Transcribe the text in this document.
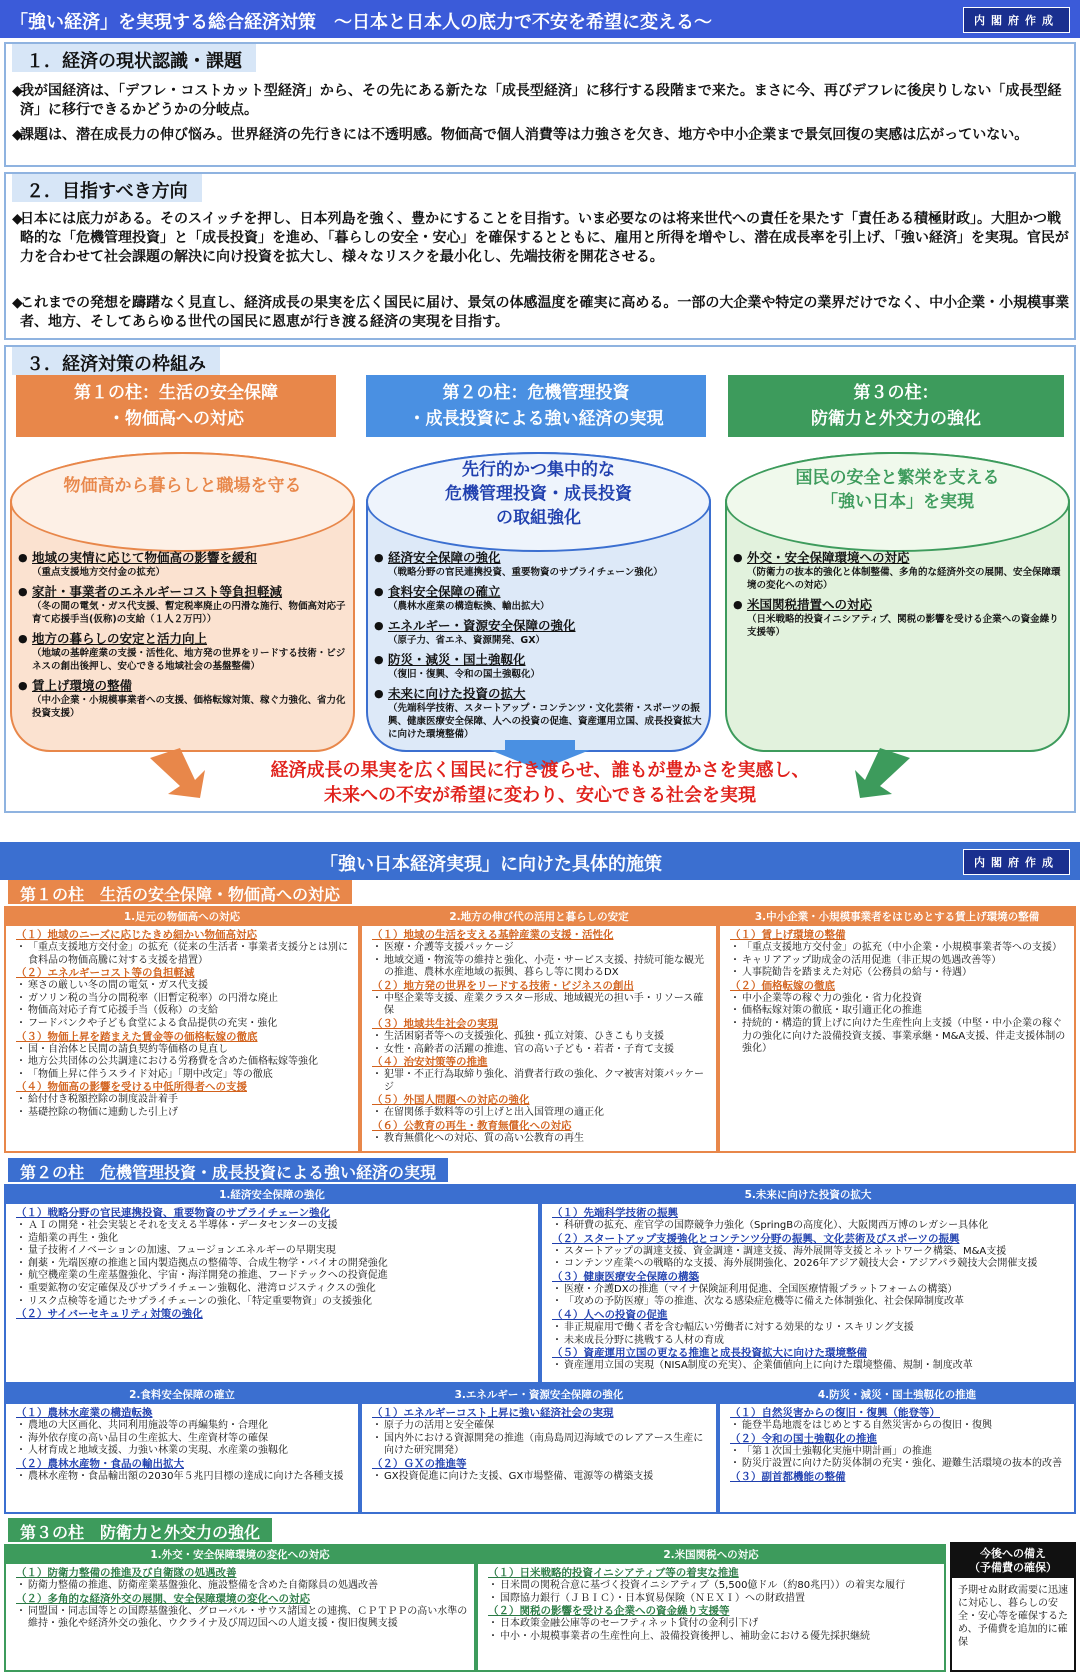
「強い経済」を実現する総合経済対策　～日本と日本人の底力で不安を希望に変える～	内閣府作成
１．経済の現状認識・課題
◆
我が国経済は、「デフレ・コストカット型経済」から、その先にある新たな「成長型経済」に移行する段階まで来た。まさに今、再びデフレに後戻りしない「成長型経済」に移行できるかどうかの分岐点。
◆
課題は、潜在成長力の伸び悩み。世界経済の先行きには不透明感。物価高で個人消費等は力強さを欠き、地方や中小企業まで景気回復の実感は広がっていない。
２．目指すべき方向
◆
日本には底力がある。そのスイッチを押し、日本列島を強く、豊かにすることを目指す。いま必要なのは将来世代への責任を果たす「責任ある積極財政」。大胆かつ戦略的な「危機管理投資」と「成長投資」を進め、「暮らしの安全・安心」を確保するとともに、雇用と所得を増やし、潜在成長率を引上げ、「強い経済」を実現。官民が力を合わせて社会課題の解決に向け投資を拡大し、様々なリスクを最小化し、先端技術を開花させる。
◆
これまでの発想を躊躇なく見直し、経済成長の果実を広く国民に届け、景気の体感温度を確実に高める。一部の大企業や特定の業界だけでなく、中小企業・小規模事業者、地方、そしてあらゆる世代の国民に恩恵が行き渡る経済の実現を目指す。
３．経済対策の枠組み
第１の柱：生活の安全保障
・物価高への対応
第２の柱：危機管理投資
・成長投資による強い経済の実現
第３の柱：
防衛力と外交力の強化
物価高から暮らしと職場を守る
● 地域の実情に応じて物価高の影響を緩和
（重点支援地方交付金の拡充）
● 家計・事業者のエネルギーコスト等負担軽減
（冬の間の電気・ガス代支援、暫定税率廃止の円滑な施行、物価高対応子育て応援手当(仮称)の支給（１人２万円））
● 地方の暮らしの安定と活力向上
（地域の基幹産業の支援・活性化、地方発の世界をリードする技術・ビジネスの創出後押し、安心できる地域社会の基盤整備）
● 賃上げ環境の整備
（中小企業・小規模事業者への支援、価格転嫁対策、稼ぐ力強化、省力化投資支援）
先行的かつ集中的な
危機管理投資・成長投資
の取組強化
● 経済安全保障の強化
（戦略分野の官民連携投資、重要物資のサプライチェーン強化）
● 食料安全保障の確立
（農林水産業の構造転換、輸出拡大）
● エネルギー・資源安全保障の強化
（原子力、省エネ、資源開発、GX）
● 防災・減災・国土強靱化
（復旧・復興、令和の国土強靱化）
● 未来に向けた投資の拡大
（先端科学技術、スタートアップ・コンテンツ・文化芸術・スポーツの振興、健康医療安全保障、人への投資の促進、資産運用立国、成長投資拡大に向けた環境整備）
国民の安全と繁栄を支える
「強い日本」を実現
● 外交・安全保障環境への対応
（防衛力の抜本的強化と体制整備、多角的な経済外交の展開、安全保障環境の変化への対応）
● 米国関税措置への対応
（日米戦略的投資イニシアティブ、関税の影響を受ける企業への資金繰り支援等）
経済成長の果実を広く国民に行き渡らせ、誰もが豊かさを実感し、
未来への不安が希望に変わり、安心できる社会を実現
「強い日本経済実現」に向けた具体的施策	内閣府作成
第１の柱　生活の安全保障・物価高への対応
1.足元の物価高への対応
（１）地域のニーズに応じたきめ細かい物価高対応
・ 「重点支援地方交付金」の拡充（従来の生活者・事業者支援分とは別に食料品の物価高騰に対する支援を措置）
（２）エネルギーコスト等の負担軽減
・ 寒さの厳しい冬の間の電気・ガス代支援
・ ガソリン税の当分の間税率（旧暫定税率）の円滑な廃止
・ 物価高対応子育て応援手当（仮称）の支給
・ フードバンクや子ども食堂による食品提供の充実・強化
（３）物価上昇を踏まえた賃金等の価格転嫁の徹底
・ 国・自治体と民間の請負契約等価格の見直し
・ 地方公共団体の公共調達における労務費を含めた価格転嫁等強化
・ 「物価上昇に伴うスライド対応」「期中改定」等の徹底
（４）物価高の影響を受ける中低所得者への支援
・ 給付付き税額控除の制度設計着手
・ 基礎控除の物価に連動した引上げ
2.地方の伸び代の活用と暮らしの安定
（１）地域の生活を支える基幹産業の支援・活性化
・ 医療・介護等支援パッケージ
・ 地域交通・物流等の維持と強化、小売・サービス支援、持続可能な観光の推進、農林水産地域の振興、暮らし等に関わるDX
（２）地方発の世界をリードする技術・ビジネスの創出
・ 中堅企業等支援、産業クラスター形成、地域観光の担い手・リソース確保
（３）地域共生社会の実現
・ 生活困窮者等への支援強化、孤独・孤立対策、ひきこもり支援
・ 女性・高齢者の活躍の推進、官の高い子ども・若者・子育て支援
（４）治安対策等の推進
・ 犯罪・不正行為取締り強化、消費者行政の強化、クマ被害対策パッケージ
（５）外国人問題への対応の強化
・ 在留関係手数料等の引上げと出入国管理の適正化
（６）公教育の再生・教育無償化への対応
・ 教育無償化への対応、質の高い公教育の再生
3.中小企業・小規模事業者をはじめとする賃上げ環境の整備
（１）賃上げ環境の整備
・ 「重点支援地方交付金」の拡充（中小企業・小規模事業者等への支援）
・ キャリアアップ助成金の活用促進（非正規の処遇改善等）
・ 人事院勧告を踏まえた対応（公務員の給与・待遇）
（２）価格転嫁の徹底
・ 中小企業等の稼ぐ力の強化・省力化投資
・ 価格転嫁対策の徹底・取引適正化の推進
・ 持続的・構造的賃上げに向けた生産性向上支援（中堅・中小企業の稼ぐ力の強化に向けた設備投資支援、事業承継・M&A支援、伴走支援体制の強化）
第２の柱　危機管理投資・成長投資による強い経済の実現
1.経済安全保障の強化
（１）戦略分野の官民連携投資、重要物資のサプライチェーン強化
・ ＡＩの開発・社会実装とそれを支える半導体・データセンターの支援
・ 造船業の再生・強化
・ 量子技術イノベーションの加速、フュージョンエネルギーの早期実現
・ 創薬・先端医療の推進と国内製造拠点の整備等、合成生物学・バイオの開発強化
・ 航空機産業の生産基盤強化、宇宙・海洋開発の推進、フードテックへの投資促進
・ 重要鉱物の安定確保及びサプライチェーン強靱化、港湾ロジスティクスの強化
・ リスク点検等を通じたサプライチェーンの強化、「特定重要物資」の支援強化
（２）サイバーセキュリティ対策の強化
5.未来に向けた投資の拡大
（１）先端科学技術の振興
・ 科研費の拡充、産官学の国際競争力強化（SpringBの高度化）、大阪関西万博のレガシー具体化
（２）スタートアップ支援強化とコンテンツ分野の振興、文化芸術及びスポーツの振興
・ スタートアップの調達支援、資金調達・調達支援、海外展開等支援とネットワーク構築、M&A支援
・ コンテンツ産業への戦略的な支援、海外展開強化、2026年アジア競技大会・アジアパラ競技大会開催支援
（３）健康医療安全保障の構築
・ 医療・介護DXの推進（マイナ保険証利用促進、全国医療情報プラットフォームの構築）
・ 「攻めの予防医療」等の推進、次なる感染症危機等に備えた体制強化、社会保障制度改革
（４）人への投資の促進
・ 非正規雇用で働く者を含む幅広い労働者に対する効果的なリ・スキリング支援
・ 未来成長分野に挑戦する人材の育成
（５）資産運用立国の更なる推進と成長投資拡大に向けた環境整備
・ 資産運用立国の実現（NISA制度の充実）、企業価値向上に向けた環境整備、規制・制度改革
2.食料安全保障の確立
（１）農林水産業の構造転換
・ 農地の大区画化、共同利用施設等の再編集約・合理化
・ 海外依存度の高い品目の生産拡大、生産資材等の確保
・ 人材育成と地域支援、力強い林業の実現、水産業の強靱化
（２）農林水産物・食品の輸出拡大
・ 農林水産物・食品輸出額の2030年５兆円目標の達成に向けた各種支援
3.エネルギー・資源安全保障の強化
（１）エネルギーコスト上昇に強い経済社会の実現
・ 原子力の活用と安全確保
・ 国内外における資源開発の推進（南鳥島周辺海域でのレアアース生産に向けた研究開発）
（２）ＧＸの推進等
・ GX投資促進に向けた支援、GX市場整備、電源等の構築支援
4.防災・減災・国土強靱化の推進
（１）自然災害からの復旧・復興（能登等）
・ 能登半島地震をはじめとする自然災害からの復旧・復興
（２）令和の国土強靱化の推進
・ 「第１次国土強靱化実施中期計画」の推進
・ 防災庁設置に向けた防災体制の充実・強化、避難生活環境の抜本的改善
（３）副首都機能の整備
第３の柱　防衛力と外交力の強化
1.外交・安全保障環境の変化への対応
（１）防衛力整備の推進及び自衛隊の処遇改善
・ 防衛力整備の推進、防衛産業基盤強化、施設整備を含めた自衛隊員の処遇改善
（２）多角的な経済外交の展開、安全保障環境の変化への対応
・ 同盟国・同志国等との国際基盤強化、グローバル・サウス諸国との連携、ＣＰＴＰＰの高い水準の維持・強化や経済外交の強化、ウクライナ及び周辺国への人道支援・復旧復興支援
2.米国関税への対応
（１）日米戦略的投資イニシアティブ等の着実な推進
・ 日米間の関税合意に基づく投資イニシアティブ（5,500億ドル（約80兆円））の着実な履行
・ 国際協力銀行（ＪＢＩＣ）・日本貿易保険（ＮＥＸＩ）への財政措置
（２）関税の影響を受ける企業への資金繰り支援等
・ 日本政策金融公庫等のセーフティネット貸付の金利引下げ
・ 中小・小規模事業者の生産性向上、設備投資後押し、補助金における優先採択継続
今後への備え
（予備費の確保）
予期せぬ財政需要に迅速に対応し、暮らしの安全・安心等を確保するため、予備費を追加的に確保
